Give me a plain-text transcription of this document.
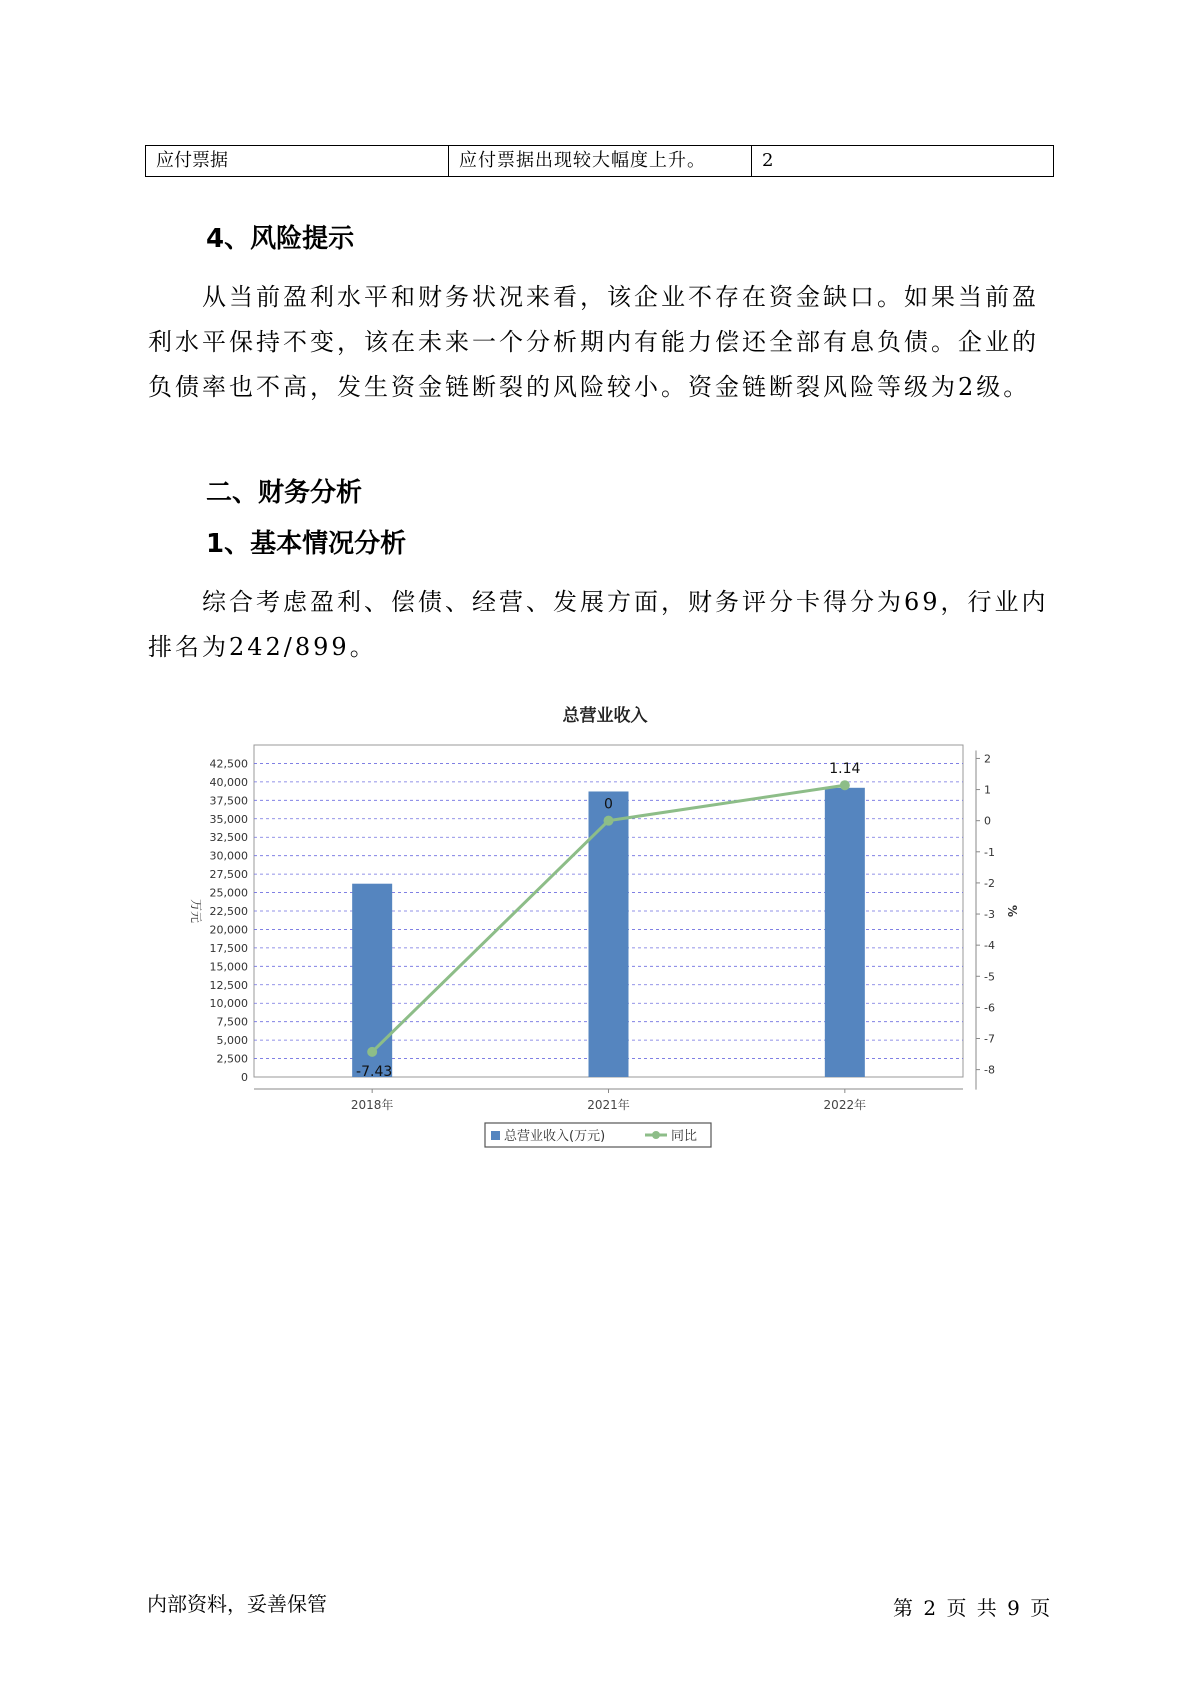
应付票据	应付票据出现较大幅度上升。	2
4、风险提示

从当前盈利水平和财务状况来看，该企业不存在资金缺口。如果当前盈利水平保持不变，该在未来一个分析期内有能力偿还全部有息负债。企业的负债率也不高，发生资金链断裂的风险较小。资金链断裂风险等级为2级。

二、财务分析
1、基本情况分析

综合考虑盈利、偿债、经营、发展方面，财务评分卡得分为69，行业内排名为242/899。

总营业收入
0
2,500
5,000
7,500
10,000
12,500
15,000
17,500
20,000
22,500
25,000
27,500
30,000
32,500
35,000
37,500
40,000
42,500
万元
-8
-7
-6
-5
-4
-3
-2
-1
0
1
2
%
2018年	2021年	2022年
-7.43
0
1.14
总营业收入(万元)	同比
内部资料，妥善保管	第 2 页 共 9 页
